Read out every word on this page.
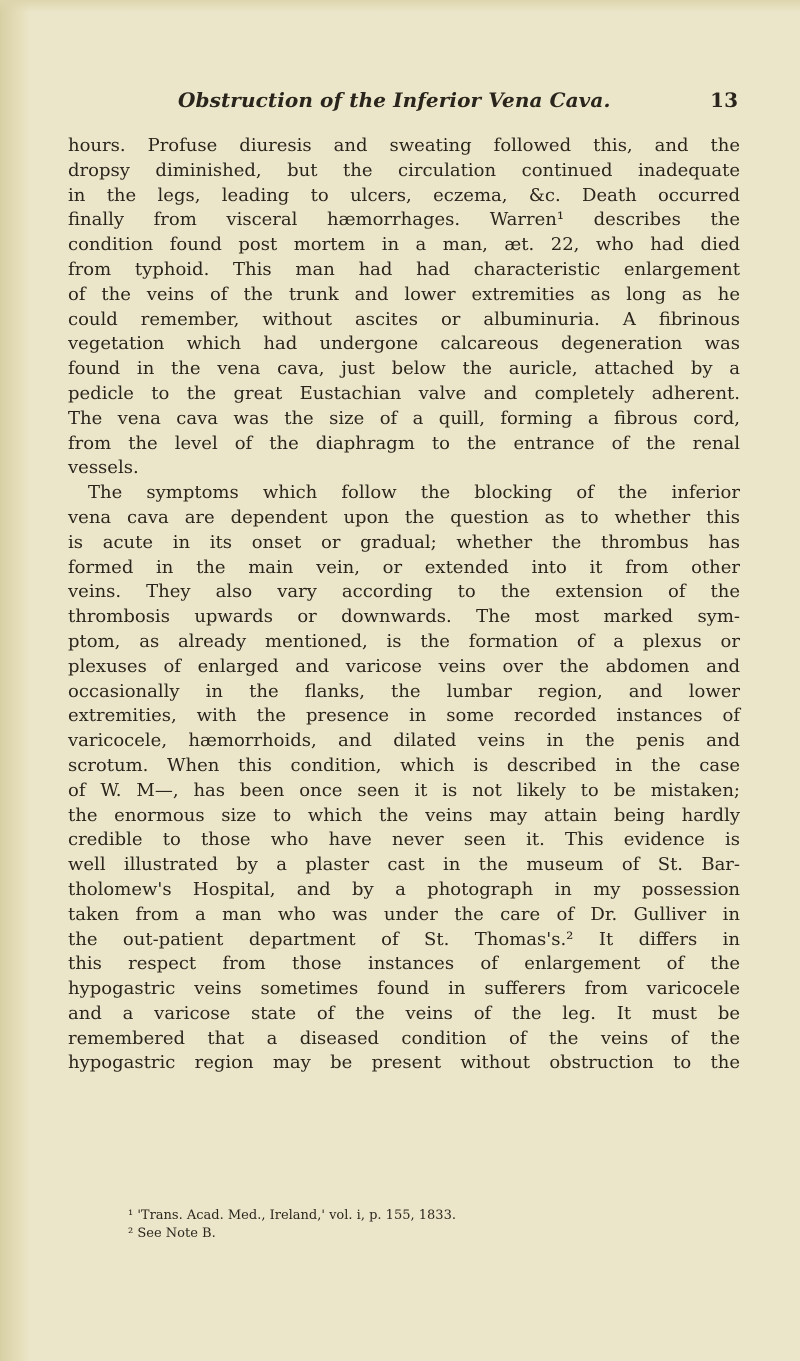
Obstruction of the Inferior Vena Cava.	13
hours. Profuse diuresis and sweating followed this, and the
dropsy diminished, but the circulation continued inadequate
in the legs, leading to ulcers, eczema, &c. Death occurred
finally from visceral hæmorrhages. Warren¹ describes the
condition found post mortem in a man, æt. 22, who had died
from typhoid. This man had had characteristic enlargement
of the veins of the trunk and lower extremities as long as he
could remember, without ascites or albuminuria. A fibrinous
vegetation which had undergone calcareous degeneration was
found in the vena cava, just below the auricle, attached by a
pedicle to the great Eustachian valve and completely adherent.
The vena cava was the size of a quill, forming a fibrous cord,
from the level of the diaphragm to the entrance of the renal
vessels.
The symptoms which follow the blocking of the inferior
vena cava are dependent upon the question as to whether this
is acute in its onset or gradual; whether the thrombus has
formed in the main vein, or extended into it from other
veins. They also vary according to the extension of the
thrombosis upwards or downwards. The most marked sym-
ptom, as already mentioned, is the formation of a plexus or
plexuses of enlarged and varicose veins over the abdomen and
occasionally in the flanks, the lumbar region, and lower
extremities, with the presence in some recorded instances of
varicocele, hæmorrhoids, and dilated veins in the penis and
scrotum. When this condition, which is described in the case
of W. M—, has been once seen it is not likely to be mistaken;
the enormous size to which the veins may attain being hardly
credible to those who have never seen it. This evidence is
well illustrated by a plaster cast in the museum of St. Bar-
tholomew's Hospital, and by a photograph in my possession
taken from a man who was under the care of Dr. Gulliver in
the out-patient department of St. Thomas's.² It differs in
this respect from those instances of enlargement of the
hypogastric veins sometimes found in sufferers from varicocele
and a varicose state of the veins of the leg. It must be
remembered that a diseased condition of the veins of the
hypogastric region may be present without obstruction to the
¹ 'Trans. Acad. Med., Ireland,' vol. i, p. 155, 1833.
² See Note B.
